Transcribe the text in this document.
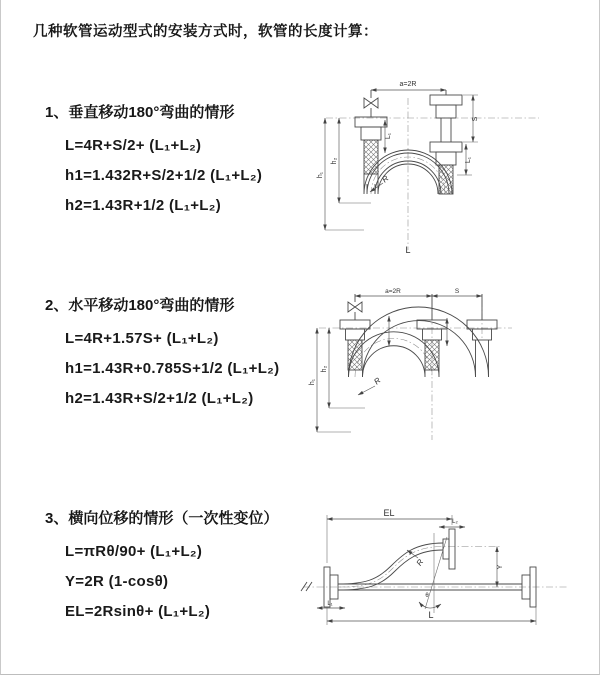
几种软管运动型式的安装方式时，软管的长度计算：
1、垂直移动180°弯曲的情形
L=4R+S/2+ (L₁+L₂)
h1=1.432R+S/2+1/2 (L₁+L₂)
h2=1.43R+1/2 (L₁+L₂)
2、水平移动180°弯曲的情形
L=4R+1.57S+ (L₁+L₂)
h1=1.43R+0.785S+1/2 (L₁+L₂)
h2=1.43R+S/2+1/2 (L₁+L₂)
3、横向位移的情形（一次性变位）
L=πRθ/90+ (L₁+L₂)
Y=2R (1-cosθ)
EL=2Rsinθ+ (L₁+L₂)
a=2R
S
L₁
L₁
h₁
h₂
R
L
a=2R	S
h₁
h₂
R
EL
L₂
Y
R
θ
L
L₁
